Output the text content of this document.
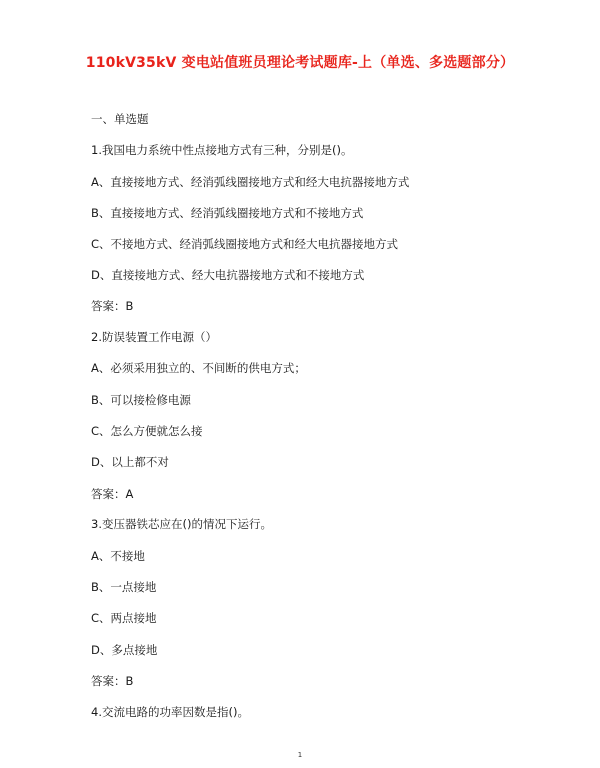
110kV35kV 变电站值班员理论考试题库-上（单选、多选题部分）
一、单选题
1.我国电力系统中性点接地方式有三种，分别是()。
A、直接接地方式、经消弧线圈接地方式和经大电抗器接地方式
B、直接接地方式、经消弧线圈接地方式和不接地方式
C、不接地方式、经消弧线圈接地方式和经大电抗器接地方式
D、直接接地方式、经大电抗器接地方式和不接地方式
答案：B
2.防误装置工作电源（）
A、必须采用独立的、不间断的供电方式；
B、可以接检修电源
C、怎么方便就怎么接
D、以上都不对
答案：A
3.变压器铁芯应在()的情况下运行。
A、不接地
B、一点接地
C、两点接地
D、多点接地
答案：B
4.交流电路的功率因数是指()。
1
